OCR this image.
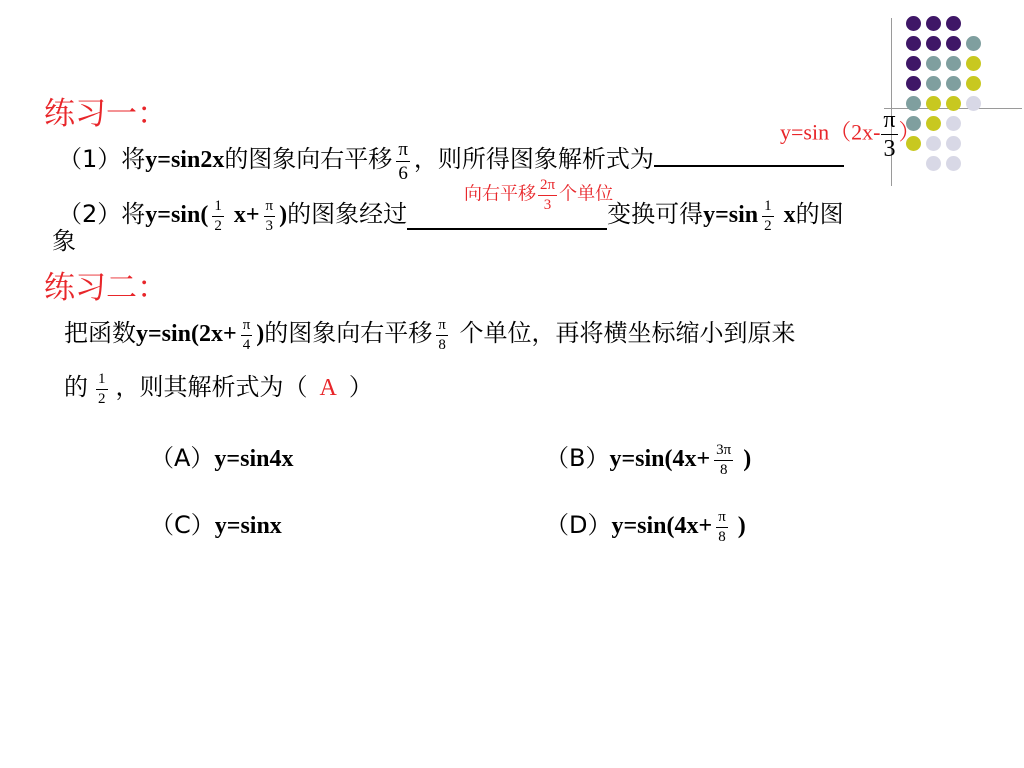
练习一：
（1）将y=sin2x的图象向右平移 $\frac{\pi}{6}$ ，则所得图象解析式为
$y=\sin(2x- \frac{\pi}{3}$ ）
（2）将$y=\sin( \frac{1}{2} x+ \frac{\pi}{3}$ )的图象经过	变换可得$y=\sin \frac{1}{2}$ x的图
象
向右平移 $\frac{2\pi}{3}$ 个单位
练习二：
把函数$y=\sin(2x+ \frac{\pi}{4}$ )的图象向右平移 $\frac{\pi}{8}$ 个单位，再将横坐标缩小到原来
的 $\frac{1}{2}$ ，则其解析式为（ A ）
（A）y=sin4x	$(B)y=\sin(4x+ \frac{3\pi}{8}$ )
（C）y=sinx	$(D)y=\sin(4x+ \frac{\pi}{8}$ )
